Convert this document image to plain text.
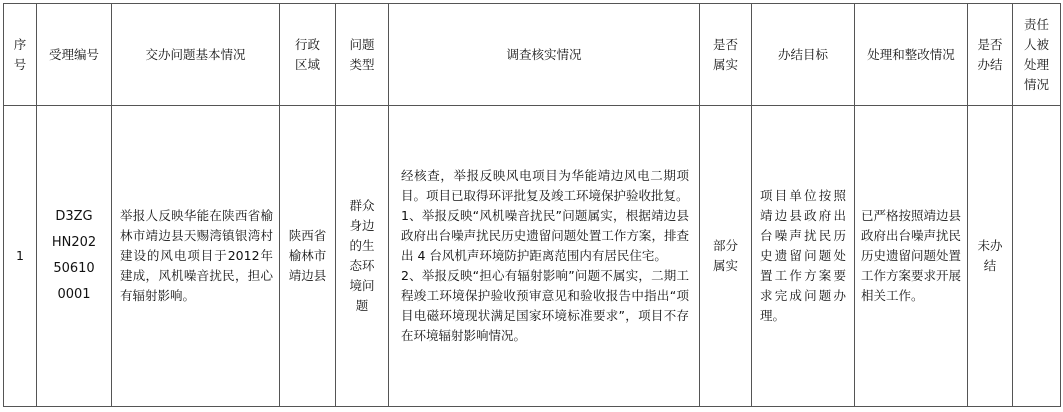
序号	受理编号	交办问题基本情况	行政区域	问题类型	调查核实情况	是否属实	办结目标	处理和整改情况	是否办结	责任人被处理情况

1	D3ZGHN202506100001	举报人反映华能在陕西省榆林市靖边县天赐湾镇银湾村建设的风电项目于2012年建成，风机噪音扰民，担心有辐射影响。	陕西省榆林市靖边县	群众身边的生态环境问题	经核查，举报反映风电项目为华能靖边风电二期项目。项目已取得环评批复及竣工环境保护验收批复。
1、举报反映“风机噪音扰民”问题属实，根据靖边县政府出台噪声扰民历史遗留问题处置工作方案，排查出 4 台风机声环境防护距离范围内有居民住宅。
2、举报反映“担心有辐射影响”问题不属实，二期工程竣工环境保护验收预审意见和验收报告中指出“项目电磁环境现状满足国家环境标准要求”，项目不存在环境辐射影响情况。	部分属实	项目单位按照靖边县政府出台噪声扰民历史遗留问题处置工作方案要求完成问题办理。	已严格按照靖边县政府出台噪声扰民历史遗留问题处置工作方案要求开展相关工作。	未办结	
